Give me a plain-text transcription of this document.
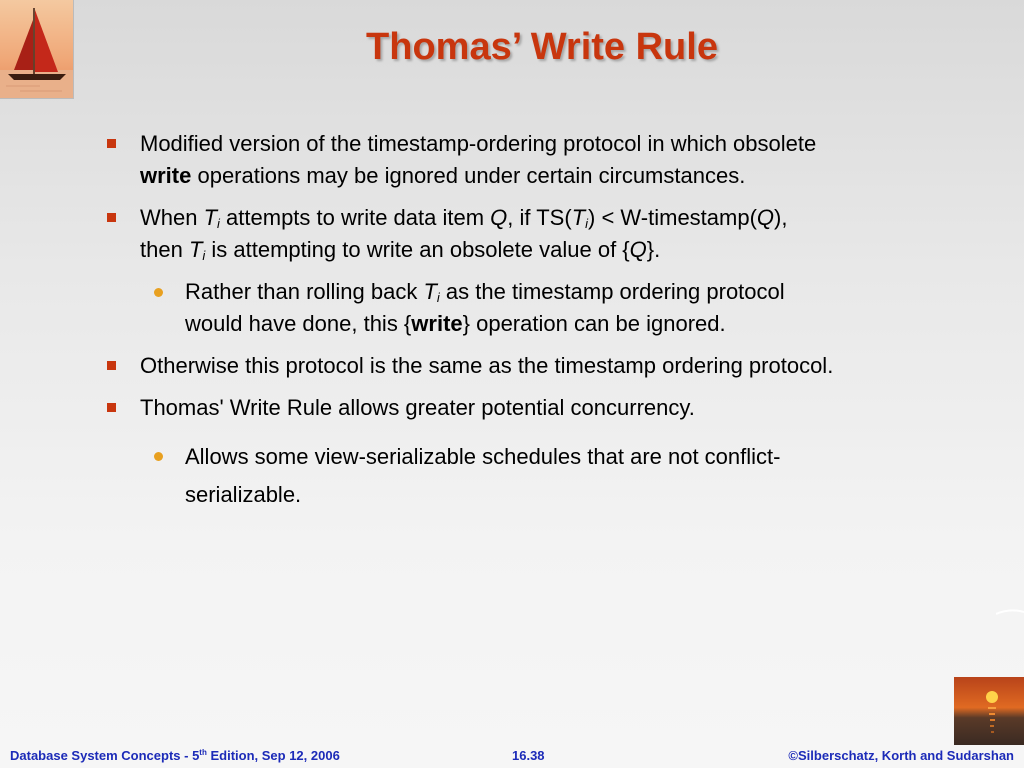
Thomas’ Write Rule
Modified version of the timestamp-ordering protocol in which obsolete
write operations may be ignored under certain circumstances.
When $T_i$ attempts to write data item Q, if $TS(T_i)$ < W-timestamp(Q),
then $T_i$ is attempting to write an obsolete value of {Q}.
Rather than rolling back $T_i$ as the timestamp ordering protocol
would have done, this {write} operation can be ignored.
Otherwise this protocol is the same as the timestamp ordering protocol.
Thomas' Write Rule allows greater potential concurrency.
Allows some view-serializable schedules that are not conflict-serializable.
Database System Concepts - 5th Edition, Sep 12, 2006	16.38	©Silberschatz, Korth and Sudarshan
